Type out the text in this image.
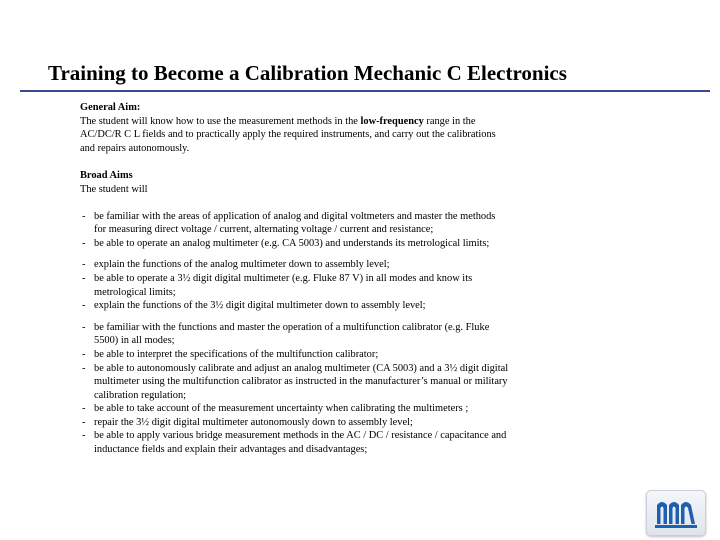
Training to Become a Calibration Mechanic C Electronics

General Aim:

The student will know how to use the measurement methods in the low-frequency range in the AC/DC/R C L fields and to practically apply the required instruments, and carry out the calibrations and repairs autonomously.

Broad Aims

The student will

- be familiar with the areas of application of analog and digital voltmeters and master the methods for measuring direct voltage / current, alternating voltage / current and resistance;
- be able to operate an analog multimeter (e.g. CA 5003) and understands its metrological limits;
- explain the functions of the analog multimeter down to assembly level;
- be able to operate a 3½ digit digital multimeter (e.g. Fluke 87 V) in all modes and know its metrological limits;
- explain the functions of the 3½ digit digital multimeter down to assembly level;
- be familiar with the functions and master the operation of a multifunction calibrator (e.g. Fluke 5500) in all modes;
- be able to interpret the specifications of the multifunction calibrator;
- be able to autonomously calibrate and adjust an analog multimeter (CA 5003) and a 3½ digit digital multimeter using the multifunction calibrator as instructed in the manufacturer’s manual or military calibration regulation;
- be able to take account of the measurement uncertainty when calibrating the multimeters ;
- repair the 3½ digit digital multimeter autonomously down to assembly level;
- be able to apply various bridge measurement methods in the AC / DC / resistance / capacitance and inductance fields and explain their advantages and disadvantages;
